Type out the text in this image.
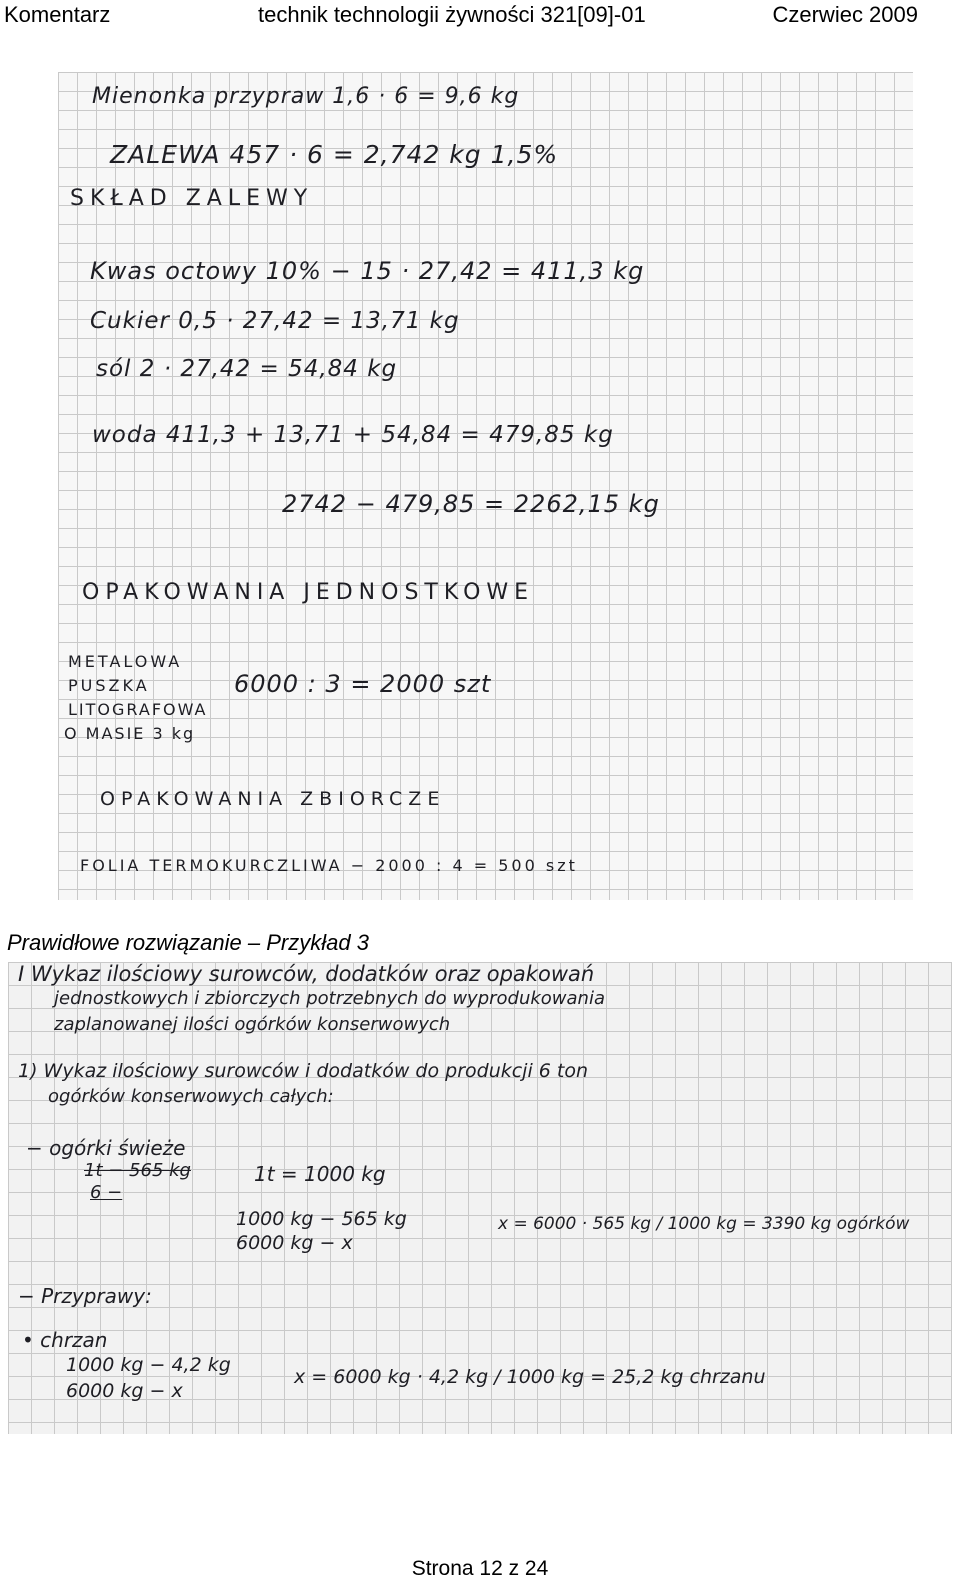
Komentarz	technik technologii żywności 321[09]-01	Czerwiec 2009
Mienonka przypraw 1,6 · 6 = 9,6 kg
ZALEWA 457 · 6 = 2,742 kg 1,5%
SKŁAD ZALEWY
Kwas octowy 10% − 15 · 27,42 = 411,3 kg
Cukier 0,5 · 27,42 = 13,71 kg
sól 2 · 27,42 = 54,84 kg
woda 411,3 + 13,71 + 54,84 = 479,85 kg
2742 − 479,85 = 2262,15 kg
OPAKOWANIA JEDNOSTKOWE
METALOWA
PUSZKA
LITOGRAFOWA
O MASIE 3 kg
6000 : 3 = 2000 szt
OPAKOWANIA ZBIORCZE
FOLIA TERMOKURCZLIWA − 2000 : 4 = 500 szt
Prawidłowe rozwiązanie – Przykład 3
I Wykaz ilościowy surowców, dodatków oraz opakowań
jednostkowych i zbiorczych potrzebnych do wyprodukowania
zaplanowanej ilości ogórków konserwowych
1) Wykaz ilościowy surowców i dodatków do produkcji 6 ton
ogórków konserwowych całych:
− ogórki świeże
1t − 565 kg
6 −
1t = 1000 kg
1000 kg − 565 kg
6000 kg − x
x = 6000 · 565 kg / 1000 kg = 3390 kg ogórków
− Przyprawy:
• chrzan
1000 kg − 4,2 kg
6000 kg − x
x = 6000 kg · 4,2 kg / 1000 kg = 25,2 kg chrzanu
Strona 12 z 24
